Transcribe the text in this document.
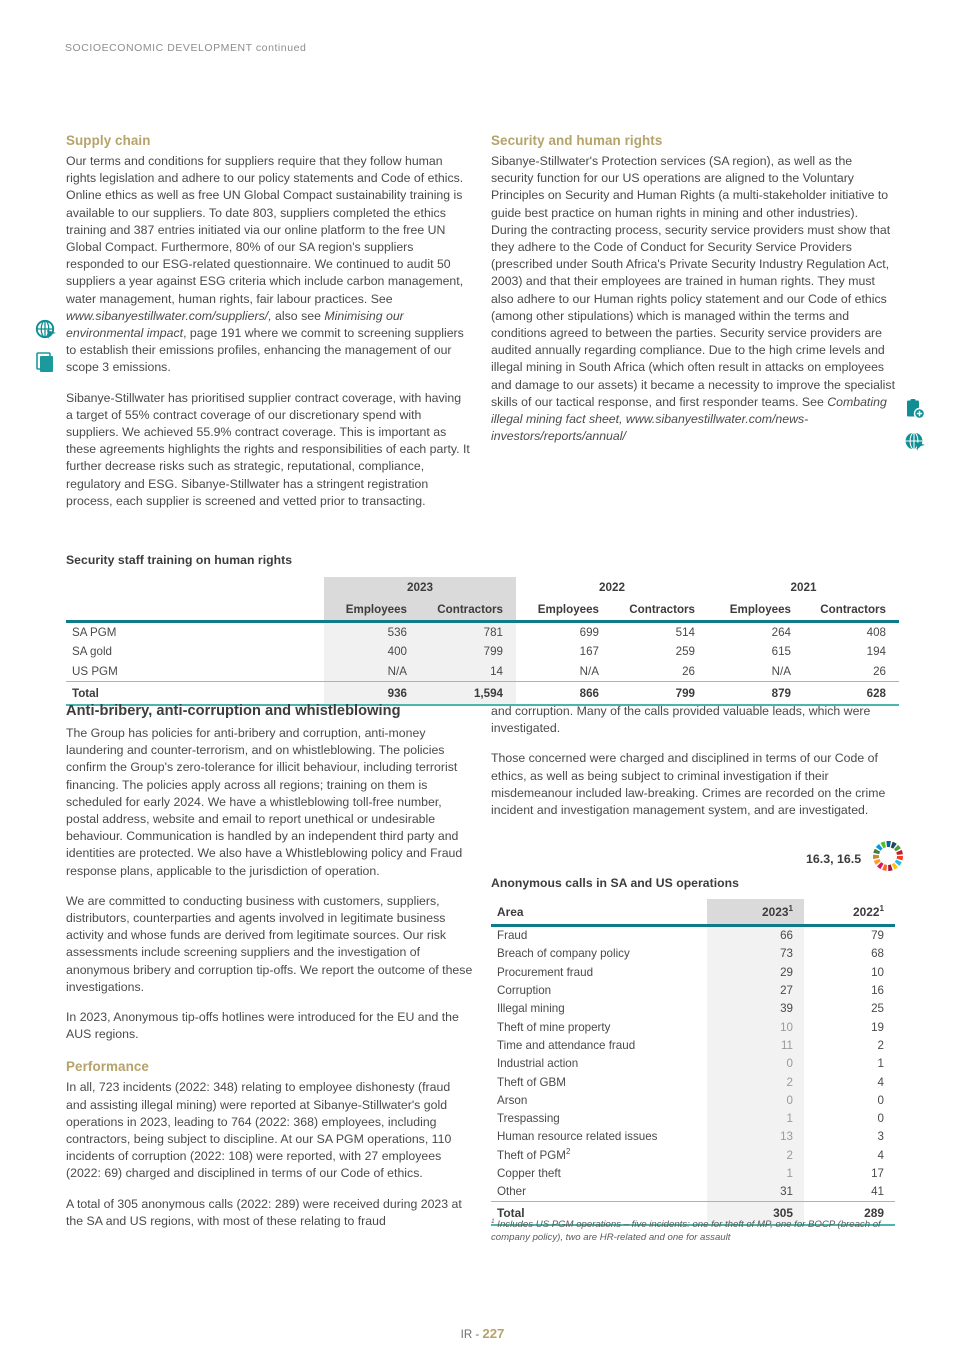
SOCIOECONOMIC DEVELOPMENT continued
Supply chain

Our terms and conditions for suppliers require that they follow human rights legislation and adhere to our policy statements and Code of ethics. Online ethics as well as free UN Global Compact sustainability training is available to our suppliers. To date 803, suppliers completed the ethics training and 387 entries initiated via our online platform to the free UN Global Compact. Furthermore, 80% of our SA region's suppliers responded to our ESG-related questionnaire. We continued to audit 50 suppliers a year against ESG criteria which include carbon management, water management, human rights, fair labour practices. See www.sibanyestillwater.com/suppliers/, also see Minimising our environmental impact, page 191 where we commit to screening suppliers to establish their emissions profiles, enhancing the management of our scope 3 emissions.

Sibanye-Stillwater has prioritised supplier contract coverage, with having a target of 55% contract coverage of our discretionary spend with suppliers. We achieved 55.9% contract coverage. This is important as these agreements highlights the rights and responsibilities of each party. It further decrease risks such as strategic, reputational, compliance, regulatory and ESG. Sibanye-Stillwater has a stringent registration process, each supplier is screened and vetted prior to transacting.

Security and human rights

Sibanye-Stillwater's Protection services (SA region), as well as the security function for our US operations are aligned to the Voluntary Principles on Security and Human Rights (a multi-stakeholder initiative to guide best practice on human rights in mining and other industries). During the contracting process, security service providers must show that they adhere to the Code of Conduct for Security Service Providers (prescribed under South Africa's Private Security Industry Regulation Act, 2003) and that their employees are trained in human rights. They must also adhere to our Human rights policy statement and our Code of ethics (among other stipulations) which is managed within the terms and conditions agreed to between the parties. Security service providers are audited annually regarding compliance. Due to the high crime levels and illegal mining in South Africa (which often result in attacks on employees and damage to our assets) it became a necessity to improve the specialist skills of our tactical response, and first responder teams. See Combating illegal mining fact sheet, www.sibanyestillwater.com/news-investors/reports/annual/

Security staff training on human rights
	2023		2022		2021	
	Employees	Contractors	Employees	Contractors	Employees	Contractors

SA PGM	536	781	699	514	264	408
SA gold	400	799	167	259	615	194
US PGM	N/A	14	N/A	26	N/A	26

Total	936	1,594	866	799	879	628

Anti-bribery, anti-corruption and whistleblowing

The Group has policies for anti-bribery and corruption, anti-money laundering and counter-terrorism, and on whistleblowing. The policies confirm the Group's zero-tolerance for illicit behaviour, including terrorist financing. The policies apply across all regions; training on them is scheduled for early 2024. We have a whistleblowing toll-free number, postal address, website and email to report unethical or undesirable behaviour. Communication is handled by an independent third party and identities are protected. We also have a Whistleblowing policy and Fraud response plans, applicable to the jurisdiction of operation.

We are committed to conducting business with customers, suppliers, distributors, counterparties and agents involved in legitimate business activity and whose funds are derived from legitimate sources. Our risk assessments include screening suppliers and the investigation of anonymous bribery and corruption tip-offs. We report the outcome of these investigations.

In 2023, Anonymous tip-offs hotlines were introduced for the EU and the AUS regions.

Performance

In all, 723 incidents (2022: 348) relating to employee dishonesty (fraud and assisting illegal mining) were reported at Sibanye-Stillwater's gold operations in 2023, leading to 764 (2022: 368) employees, including contractors, being subject to discipline. At our SA PGM operations, 110 incidents of corruption (2022: 108) were reported, with 27 employees (2022: 69) charged and disciplined in terms of our Code of ethics.

A total of 305 anonymous calls (2022: 289) were received during 2023 at the SA and US regions, with most of these relating to fraud

and corruption. Many of the calls provided valuable leads, which were investigated.

Those concerned were charged and disciplined in terms of our Code of ethics, as well as being subject to criminal investigation if their misdemeanour included law-breaking. Crimes are recorded on the crime incident and investigation management system, and are investigated.

16.3, 16.5
Anonymous calls in SA and US operations
Area	2023$^1$	2022$^1$

Fraud	66	79
Breach of company policy	73	68
Procurement fraud	29	10
Corruption	27	16
Illegal mining	39	25
Theft of mine property	10	19
Time and attendance fraud	11	2
Industrial action	0	1
Theft of GBM	2	4
Arson	0	0
Trespassing	1	0
Human resource related issues	13	3
Theft of PGM$^2$	2	4
Copper theft	1	17
Other	31	41

Total	305	289

$^1$ Includes US PGM operations – five incidents: one for theft of MP, one for BOCP (breach of company policy), two are HR-related and one for assault
IR - 227
